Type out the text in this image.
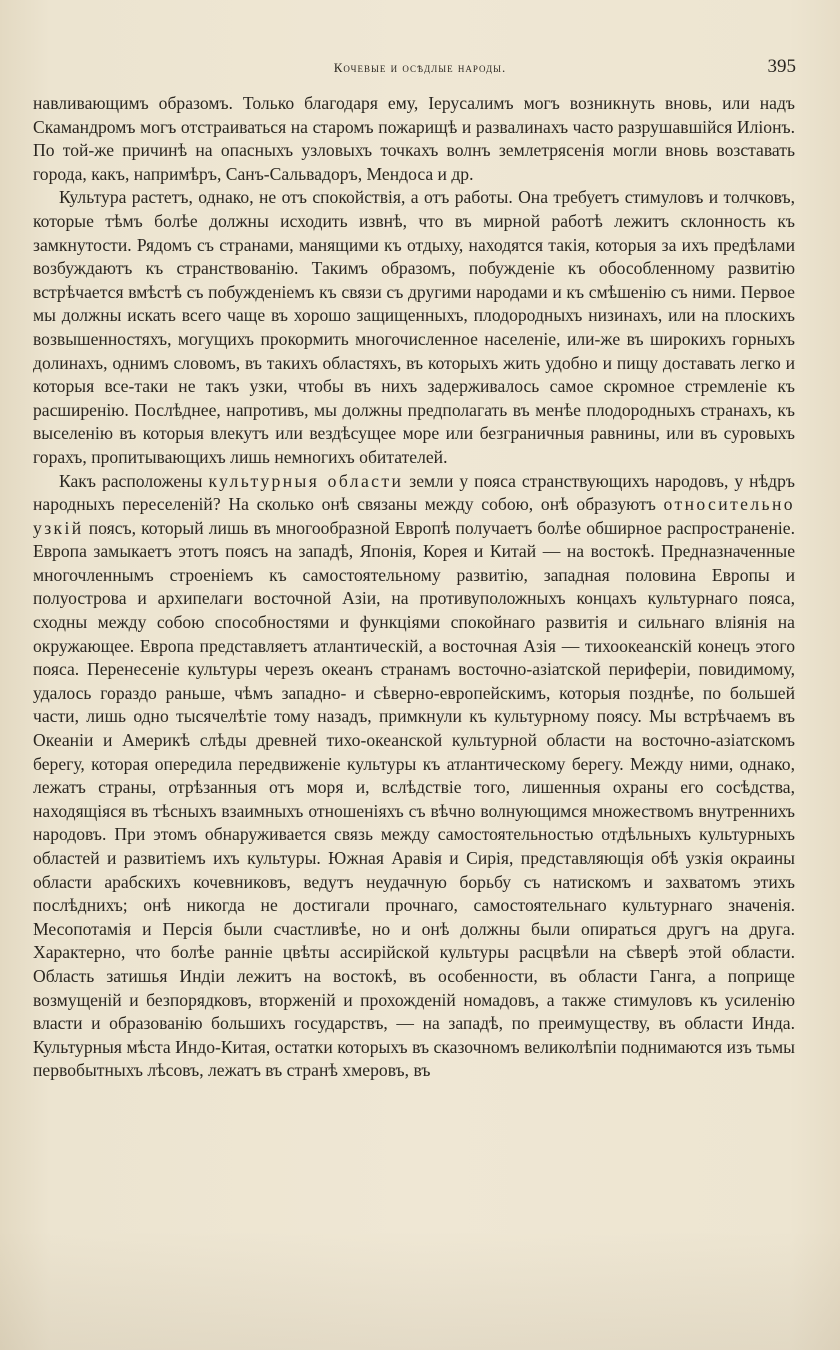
Кочевые и осѣдлые народы.	395

навливающимъ образомъ. Только благодаря ему, Іерусалимъ могъ возникнуть вновь, или надъ Скамандромъ могъ отстраиваться на старомъ пожарищѣ и развалинахъ часто разрушавшійся Иліонъ. По той-же причинѣ на опасныхъ узловыхъ точкахъ волнъ землетрясенія могли вновь возставать города, какъ, напримѣръ, Санъ-Сальвадоръ, Мендоса и др.

Культура растетъ, однако, не отъ спокойствія, а отъ работы. Она требуетъ стимуловъ и толчковъ, которые тѣмъ болѣе должны исходить извнѣ, что въ мирной работѣ лежитъ склонность къ замкнутости. Рядомъ съ странами, манящими къ отдыху, находятся такія, которыя за ихъ предѣлами возбуждаютъ къ странствованію. Такимъ образомъ, побужденіе къ обособленному развитію встрѣчается вмѣстѣ съ побужденіемъ къ связи съ другими народами и къ смѣшенію съ ними. Первое мы должны искать всего чаще въ хорошо защищенныхъ, плодородныхъ низинахъ, или на плоскихъ возвышенностяхъ, могущихъ прокормить многочисленное населеніе, или-же въ широкихъ горныхъ долинахъ, однимъ словомъ, въ такихъ областяхъ, въ которыхъ жить удобно и пищу доставать легко и которыя все-таки не такъ узки, чтобы въ нихъ задерживалось самое скромное стремленіе къ расширенію. Послѣднее, напротивъ, мы должны предполагать въ менѣе плодородныхъ странахъ, къ выселенію въ которыя влекутъ или вездѣсущее море или безграничныя равнины, или въ суровыхъ горахъ, пропитывающихъ лишь немногихъ обитателей.

Какъ расположены культурныя области земли у пояса странствующихъ народовъ, у нѣдръ народныхъ переселеній? На сколько онѣ связаны между собою, онѣ образуютъ относительно узкій поясъ, который лишь въ многообразной Европѣ получаетъ болѣе обширное распространеніе. Европа замыкаетъ этотъ поясъ на западѣ, Японія, Корея и Китай — на востокѣ. Предназначенные многочленнымъ строеніемъ къ самостоятельному развитію, западная половина Европы и полуострова и архипелаги восточной Азіи, на противуположныхъ концахъ культурнаго пояса, сходны между собою способностями и функціями спокойнаго развитія и сильнаго вліянія на окружающее. Европа представляетъ атлантическій, а восточная Азія — тихоокеанскій конецъ этого пояса. Перенесеніе культуры черезъ океанъ странамъ восточно-азіатской периферіи, повидимому, удалось гораздо раньше, чѣмъ западно- и сѣверно-европейскимъ, которыя позднѣе, по большей части, лишь одно тысячелѣтіе тому назадъ, примкнули къ культурному поясу. Мы встрѣчаемъ въ Океаніи и Америкѣ слѣды древней тихо-океанской культурной области на восточно-азіатскомъ берегу, которая опередила передвиженіе культуры къ атлантическому берегу. Между ними, однако, лежатъ страны, отрѣзанныя отъ моря и, вслѣдствіе того, лишенныя охраны его сосѣдства, находящіяся въ тѣсныхъ взаимныхъ отношеніяхъ съ вѣчно волнующимся множествомъ внутреннихъ народовъ. При этомъ обнаруживается связь между самостоятельностью отдѣльныхъ культурныхъ областей и развитіемъ ихъ культуры. Южная Аравія и Сирія, представляющія обѣ узкія окраины области арабскихъ кочевниковъ, ведутъ неудачную борьбу съ натискомъ и захватомъ этихъ послѣднихъ; онѣ никогда не достигали прочнаго, самостоятельнаго культурнаго значенія. Месопотамія и Персія были счастливѣе, но и онѣ должны были опираться другъ на друга. Характерно, что болѣе ранніе цвѣты ассирійской культуры расцвѣли на сѣверѣ этой области. Область затишья Индіи лежитъ на востокѣ, въ особенности, въ области Ганга, а поприще возмущеній и безпорядковъ, вторженій и прохожденій номадовъ, а также стимуловъ къ усиленію власти и образованію большихъ государствъ, — на западѣ, по преимуществу, въ области Инда. Культурныя мѣста Индо-Китая, остатки которыхъ въ сказочномъ великолѣпіи поднимаются изъ тьмы первобытныхъ лѣсовъ, лежатъ въ странѣ хмеровъ, въ
